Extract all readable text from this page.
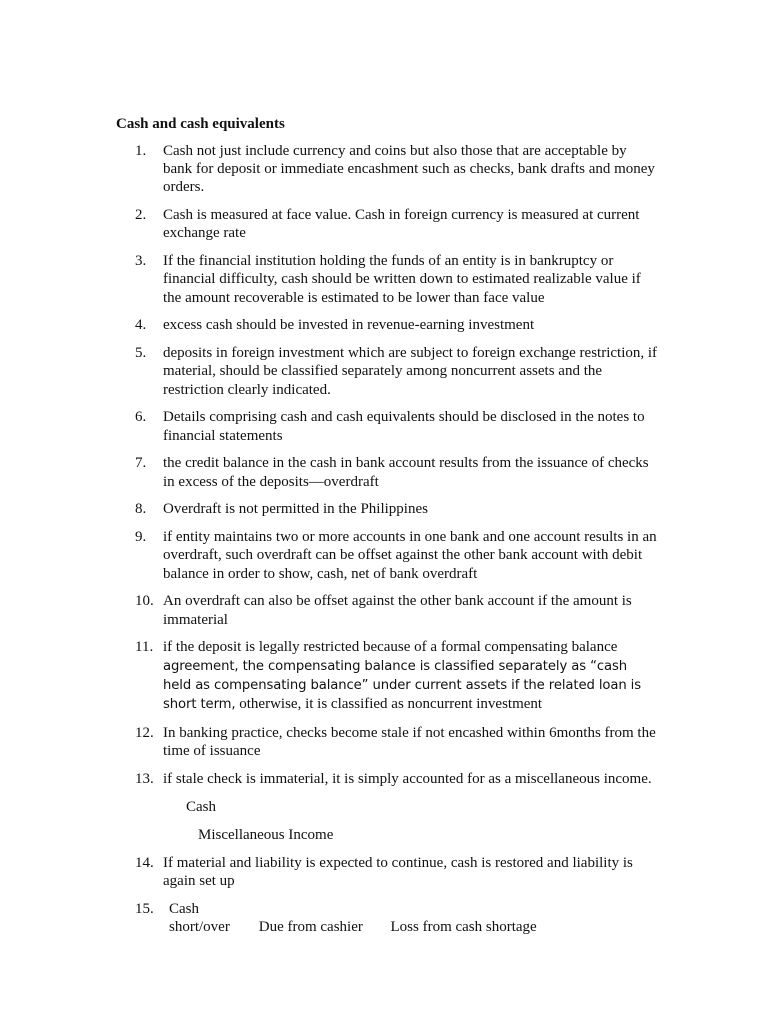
Cash and cash equivalents

1.	Cash not just include currency and coins but also those that are acceptable by bank for deposit or immediate encashment such as checks, bank drafts and money orders.
2.	Cash is measured at face value. Cash in foreign currency is measured at current exchange rate
3.	If the financial institution holding the funds of an entity is in bankruptcy or financial difficulty, cash should be written down to estimated realizable value if the amount recoverable is estimated to be lower than face value
4.	excess cash should be invested in revenue-earning investment
5.	deposits in foreign investment which are subject to foreign exchange restriction, if material, should be classified separately among noncurrent assets and the restriction clearly indicated.
6.	Details comprising cash and cash equivalents should be disclosed in the notes to financial statements
7.	the credit balance in the cash in bank account results from the issuance of checks in excess of the deposits—overdraft
8.	Overdraft is not permitted in the Philippines
9.	if entity maintains two or more accounts in one bank and one account results in an overdraft, such overdraft can be offset against the other bank account with debit balance in order to show, cash, net of bank overdraft
10. An overdraft can also be offset against the other bank account if the amount is immaterial
11. if the deposit is legally restricted because of a formal compensating balance agreement, the compensating balance is classified separately as “cash held as compensating balance” under current assets if the related loan is short term, otherwise, it is classified as noncurrent investment
12. In banking practice, checks become stale if not encashed within 6months from the time of issuance
13. if stale check is immaterial, it is simply accounted for as a miscellaneous income.
Cash
Miscellaneous Income
14. If material and liability is expected to continue, cash is restored and liability is again set up
15.	Cash short/over Due from cashier Loss from cash shortage
